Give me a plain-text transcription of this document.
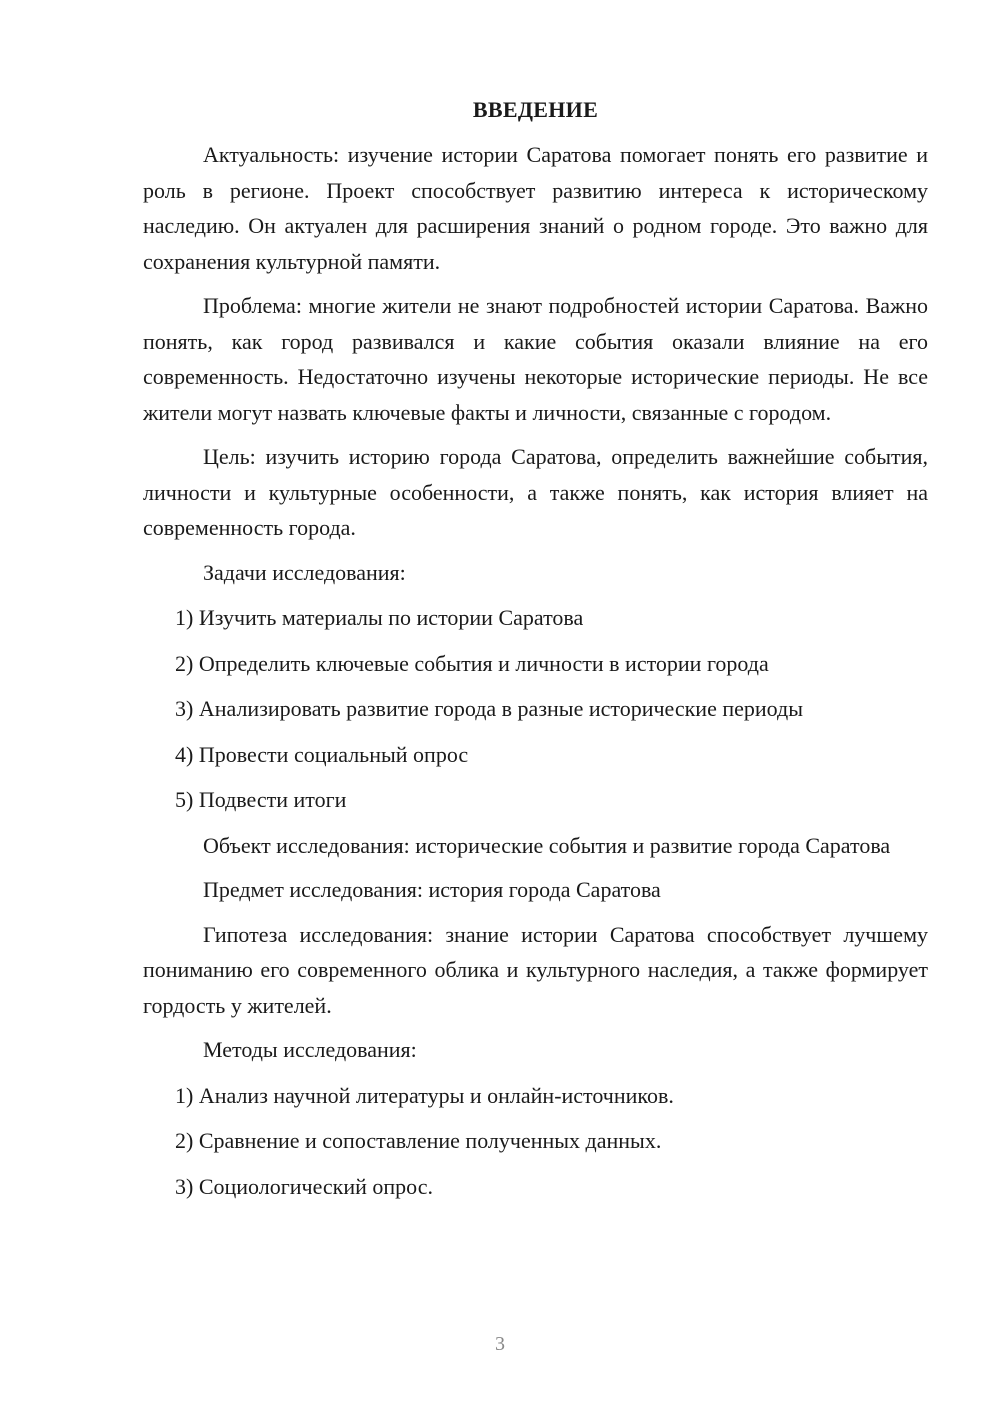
ВВЕДЕНИЕ

Актуальность: изучение истории Саратова помогает понять его развитие и роль в регионе. Проект способствует развитию интереса к историческому наследию. Он актуален для расширения знаний о родном городе. Это важно для сохранения культурной памяти.

Проблема: многие жители не знают подробностей истории Саратова. Важно понять, как город развивался и какие события оказали влияние на его современность. Недостаточно изучены некоторые исторические периоды. Не все жители могут назвать ключевые факты и личности, связанные с городом.

Цель: изучить историю города Саратова, определить важнейшие события, личности и культурные особенности, а также понять, как история влияет на современность города.

Задачи исследования:
1) Изучить материалы по истории Саратова
2) Определить ключевые события и личности в истории города
3) Анализировать развитие города в разные исторические периоды
4) Провести социальный опрос
5) Подвести итоги

Объект исследования: исторические события и развитие города Саратова

Предмет исследования: история города Саратова

Гипотеза исследования: знание истории Саратова способствует лучшему пониманию его современного облика и культурного наследия, а также формирует гордость у жителей.

Методы исследования:
1) Анализ научной литературы и онлайн-источников.
2) Сравнение и сопоставление полученных данных.
3) Социологический опрос.
3
